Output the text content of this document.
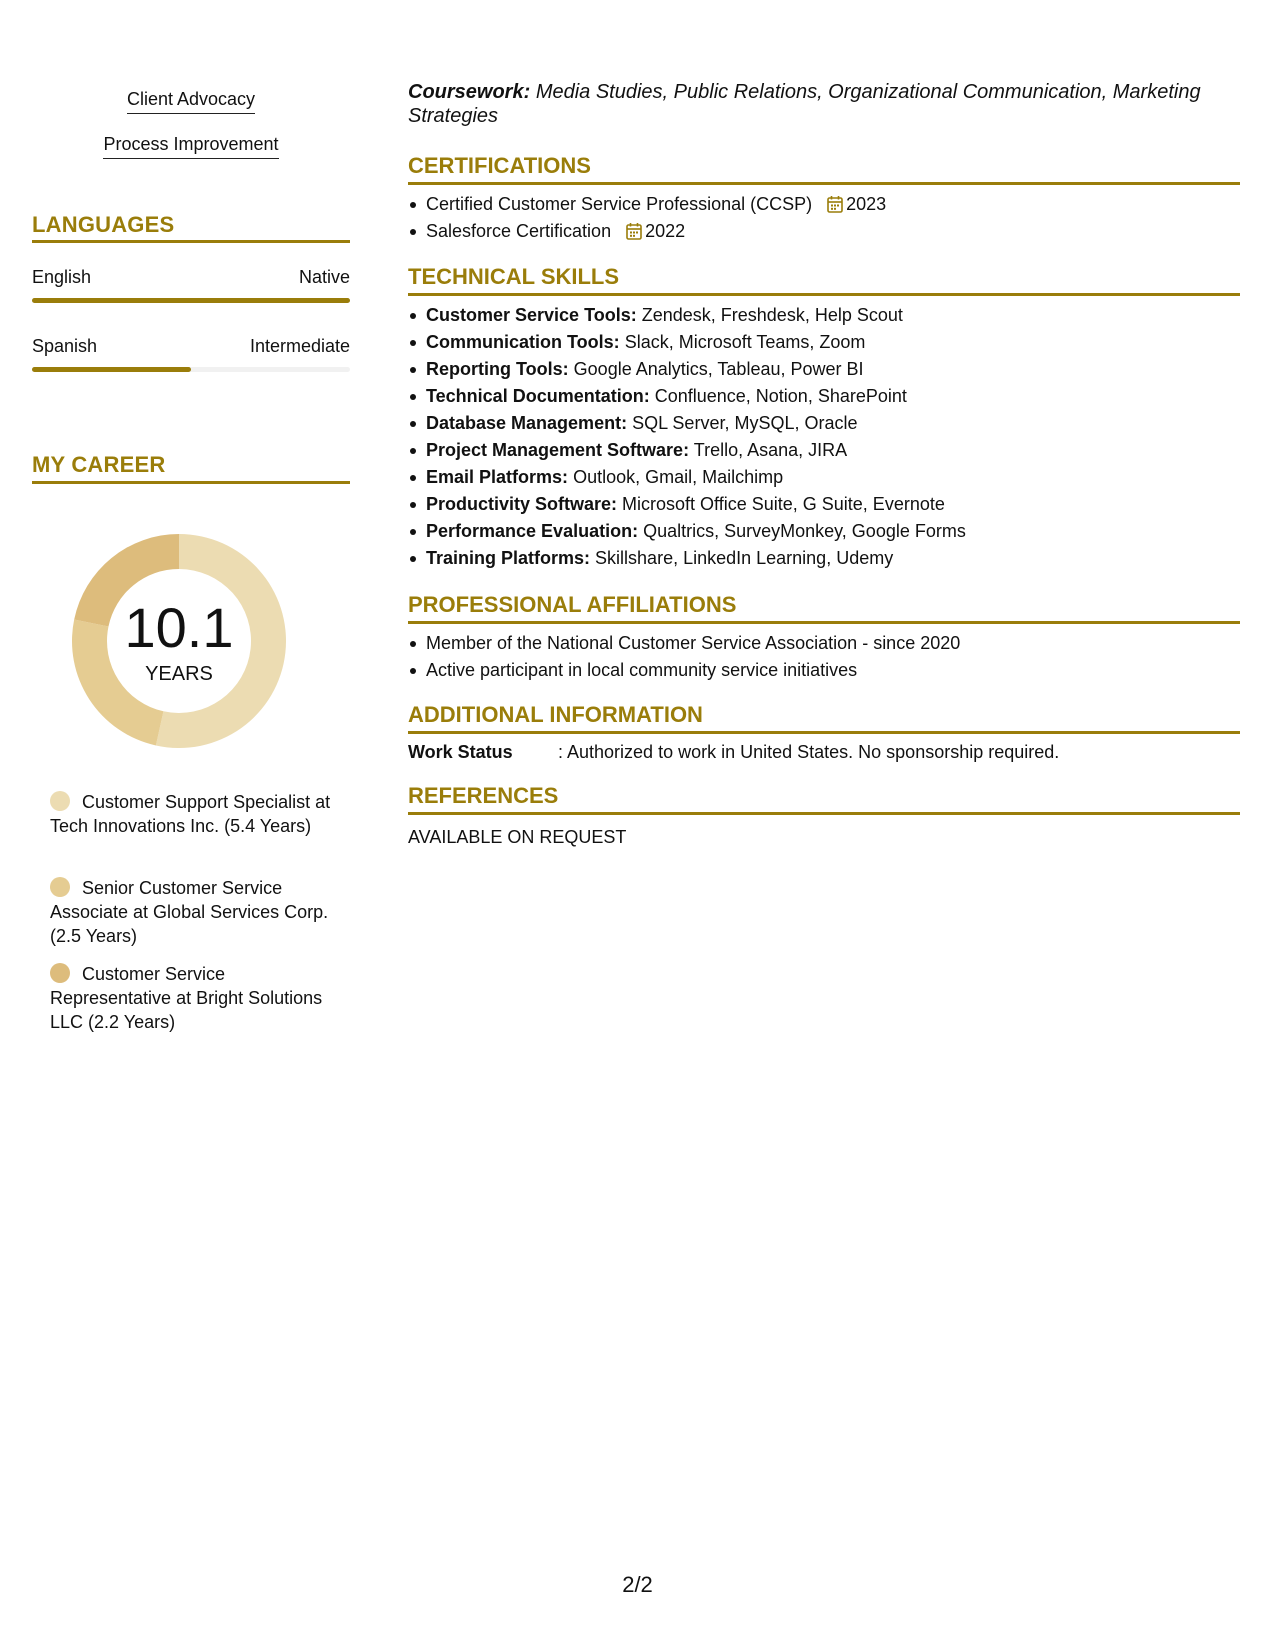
Client Advocacy
Process Improvement
LANGUAGES
English	Native
Spanish	Intermediate
MY CAREER
10.1
YEARS
Customer Support Specialist at Tech Innovations Inc. (5.4 Years)
Senior Customer Service Associate at Global Services Corp. (2.5 Years)
Customer Service Representative at Bright Solutions LLC (2.2 Years)
Coursework: Media Studies, Public Relations, Organizational Communication, Marketing Strategies
CERTIFICATIONS
Certified Customer Service Professional (CCSP) 2023
Salesforce Certification 2022
TECHNICAL SKILLS
Customer Service Tools: Zendesk, Freshdesk, Help Scout
Communication Tools: Slack, Microsoft Teams, Zoom
Reporting Tools: Google Analytics, Tableau, Power BI
Technical Documentation: Confluence, Notion, SharePoint
Database Management: SQL Server, MySQL, Oracle
Project Management Software: Trello, Asana, JIRA
Email Platforms: Outlook, Gmail, Mailchimp
Productivity Software: Microsoft Office Suite, G Suite, Evernote
Performance Evaluation: Qualtrics, SurveyMonkey, Google Forms
Training Platforms: Skillshare, LinkedIn Learning, Udemy
PROFESSIONAL AFFILIATIONS
Member of the National Customer Service Association - since 2020
Active participant in local community service initiatives
ADDITIONAL INFORMATION
Work Status	: Authorized to work in United States. No sponsorship required.
REFERENCES
AVAILABLE ON REQUEST
2/2
